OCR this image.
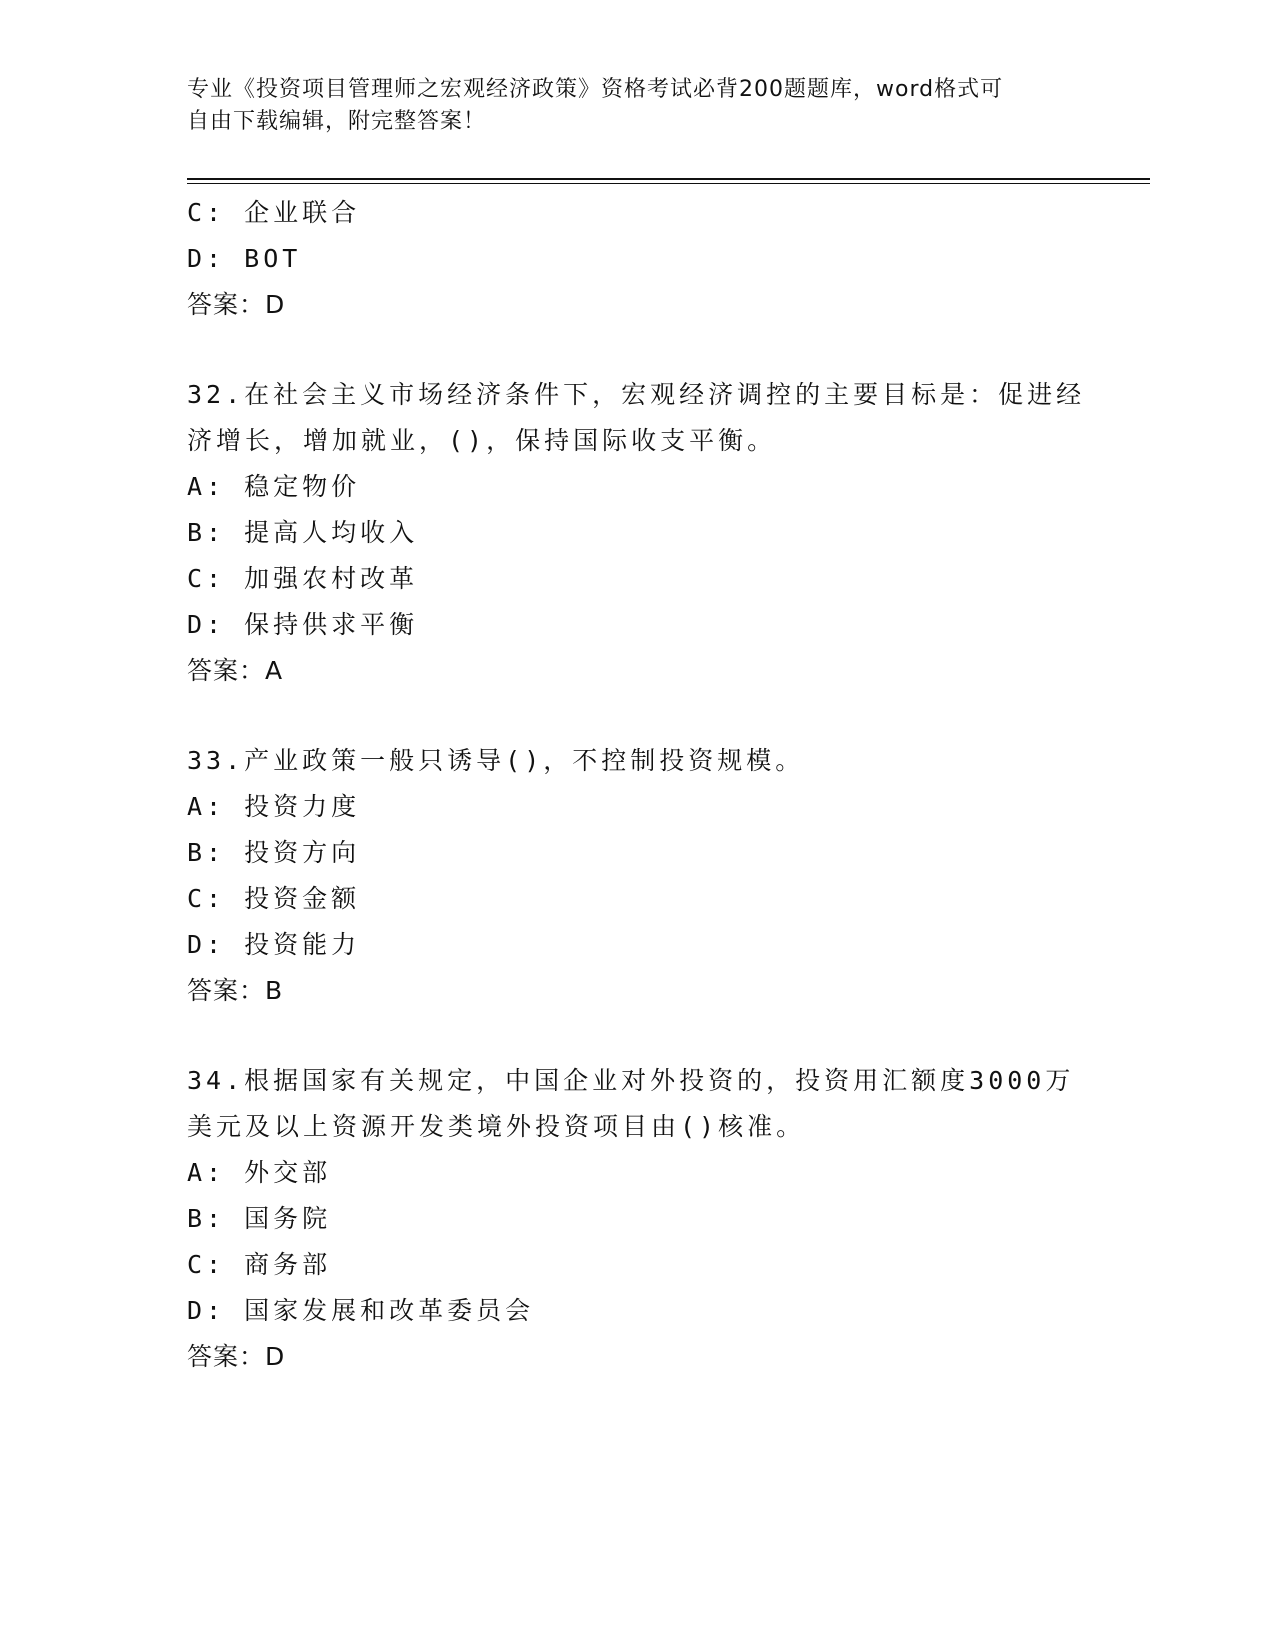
专业《投资项目管理师之宏观经济政策》资格考试必背200题题库，word格式可
自由下载编辑，附完整答案！
C: 企业联合
D: BOT
答案：D
32.在社会主义市场经济条件下，宏观经济调控的主要目标是：促进经
济增长，增加就业，()，保持国际收支平衡。
A: 稳定物价
B: 提高人均收入
C: 加强农村改革
D: 保持供求平衡
答案：A
33.产业政策一般只诱导()，不控制投资规模。
A: 投资力度
B: 投资方向
C: 投资金额
D: 投资能力
答案：B
34.根据国家有关规定，中国企业对外投资的，投资用汇额度3000万
美元及以上资源开发类境外投资项目由()核准。
A: 外交部
B: 国务院
C: 商务部
D: 国家发展和改革委员会
答案：D
